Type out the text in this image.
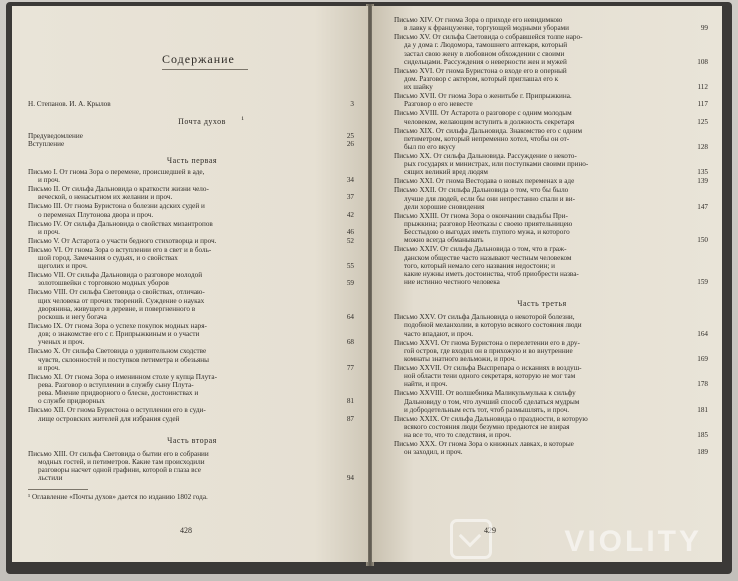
Содержание
Н. Степанов. И. А. Крылов	3
Почта духов	¹
Предуведомление	25
Вступление	26
Часть первая
Письмо I. От гнома Зора о перемене, происшедшей в аде,
и проч.	34
Письмо II. От сильфа Дальновида о краткости жизни чело-
веческой, о ненасытном их желании и проч.	37
Письмо III. От гнома Буристона о болезни адских судей и
о переменах Плутонова двора и проч.	42
Письмо IV. От сильфа Дальновида о свойствах мизантропов
и проч.	46
Письмо V. От Астарота о участи бедного стихотворца и проч.	52
Письмо VI. От гнома Зора о вступлении его в свет и в боль-
шой город. Замечания о судьях, и о свойствах
щеголих и проч.	55
Письмо VII. От сильфа Дальновида о разговоре молодой
золотошвейки с торговкою модных уборов	59
Письмо VIII. От сильфа Световида о свойствах, отличаю-
щих человека от прочих творений. Суждение о науках
дворянина, живущего в деревне, и повергненного в
роскошь и негу богача	64
Письмо IX. От гнома Зора о успехе покупок модных наря-
дов; о знакомстве его с г. Припрыжкиным и о участи
ученых и проч.	68
Письмо X. От сильфа Световида о удивительном сходстве
чувств, склонностей и поступков петиметра и обезьяны
и проч.	77
Письмо XI. От гнома Зора о именинном столе у купца Плута-
рева. Разговор о вступлении в службу сыну Плута-
рева. Мнение придворного о блеске, достоинствах и
о службе придворных	81
Письмо XII. От гнома Буристона о вступлении его в суди-
лище островских жителей для избрания судей	87
Часть вторая
Письмо XIII. От сильфа Световида о бытии его в собрании
модных гостей, и петиметров. Какие там происходили
разговоры насчет одной графини, которой в глаза все
льстили	94
¹ Оглавление «Почты духов» дается по изданию 1802 года.
428
Письмо XIV. От гнома Зора о приходе его невидимкою
в лавку к французенке, торгующей модными уборами	99
Письмо XV. От сильфа Световида о собравшейся толпе наро-
да у дома г. Людомора, тамошнего аптекаря, который
застал свою жену в любовном обхождении с своими
сидельцами. Рассуждения о неверности жен и мужей	108
Письмо XVI. От гнома Буристона о входе его в оперный
дом. Разговор с актером, который приглашал его к
их шайку	112
Письмо XVII. От гнома Зора о женитьбе г. Припрыжкина.
Разговор о его невесте	117
Письмо XVIII. От Астарота о разговоре с одним молодым
человеком, желающим вступить в должность секретаря	125
Письмо XIX. От сильфа Дальновида. Знакомство его с одним
петиметром, который непременно хотел, чтобы он от-
был по его вкусу	128
Письмо XX. От сильфа Дальновида. Рассуждение о некото-
рых государях и министрах, или поступками своими прино-
сящих великий вред людям	135
Письмо XXI. От гнома Вестодава о новых переменах в аде	139
Письмо XXII. От сильфа Дальновида о том, что бы было
лучше для людей, если бы они непрестанно спали и ви-
дели хорошие сновидения	147
Письмо XXIII. От гнома Зора о окончании свадьбы При-
прыжкина; разговор Неотказы с своею приятельницею
Бесстыдою о выгодах иметь глупого мужа, и которого
можно всегда обманывать	150
Письмо XXIV. От сильфа Дальновида о том, что в граж-
данском обществе часто называют честным человеком
того, который немало сего названия недостоин; и
какие нужны иметь достоинства, чтоб приобрести назва-
ние истинно честного человека	159
Часть третья
Письмо XXV. От сильфа Дальновида о некоторой болезни,
подобной меланхолии, в которую всякого состояния люди
часто впадают, и проч.	164
Письмо XXVI. От гнома Буристона о перелетении его в дру-
гой остров, где входил он в прихожую и во внутренние
комнаты знатного вельможи, и проч.	169
Письмо XXVII. От сильфа Выспрепара о исканиях в воздуш-
ной области тени одного секретаря, которую не мог там
найти, и проч.	178
Письмо XXVIII. От волшебника Маликульмулька к сильфу
Дальновиду о том, что лучший способ сделаться мудрым
и добродетельным есть тот, чтоб размышлять, и проч.	181
Письмо XXIX. От сильфа Дальновида о праздности, в которую
всякого состояния люди безумно предаются не взирая
на все то, что то следствия, и проч.	185
Письмо XXX. От гнома Зора о книжных лавках, в которые
он заходил, и проч.	189
429 VIOLITY
